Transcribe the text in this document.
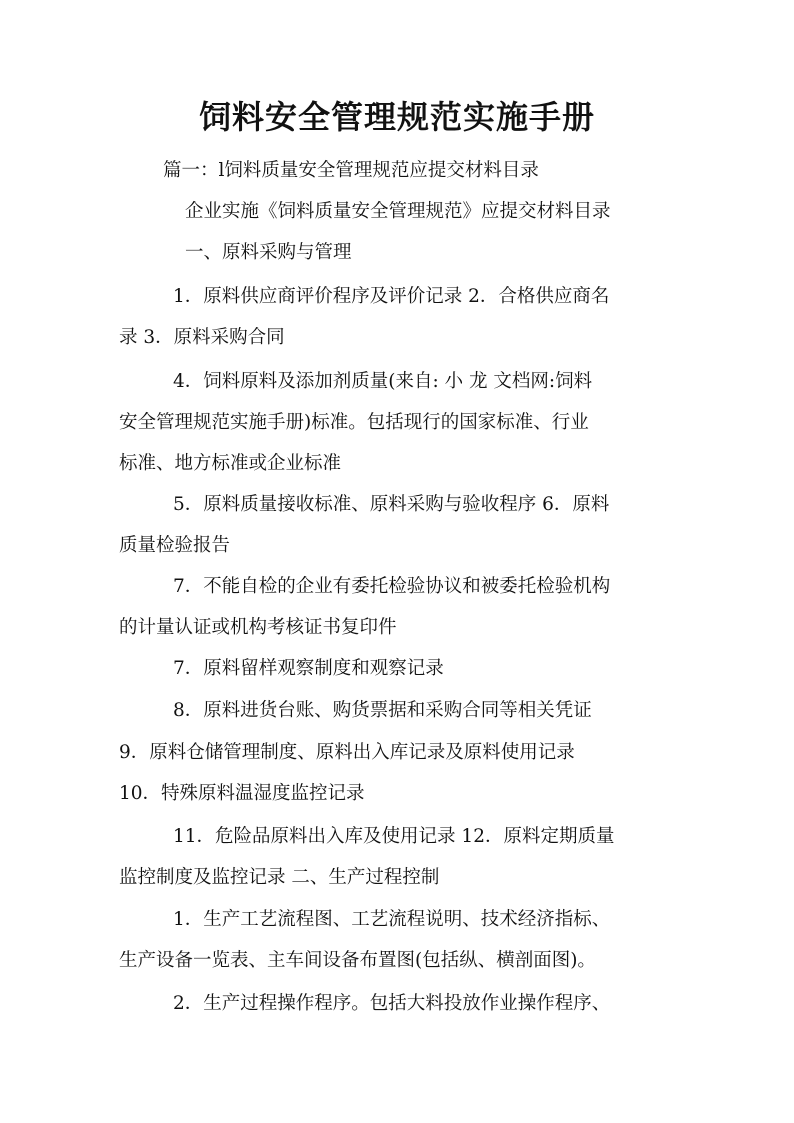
饲料安全管理规范实施手册

篇一：l饲料质量安全管理规范应提交材料目录

企业实施《饲料质量安全管理规范》应提交材料目录

一、原料采购与管理

1．原料供应商评价程序及评价记录 2．合格供应商名

录 3．原料采购合同

4．饲料原料及添加剂质量(来自: 小 龙 文档网:饲料

安全管理规范实施手册)标准。包括现行的国家标准、行业

标准、地方标准或企业标准

5．原料质量接收标准、原料采购与验收程序 6．原料

质量检验报告

7．不能自检的企业有委托检验协议和被委托检验机构

的计量认证或机构考核证书复印件

7．原料留样观察制度和观察记录

8．原料进货台账、购货票据和采购合同等相关凭证

9．原料仓储管理制度、原料出入库记录及原料使用记录

10．特殊原料温湿度监控记录

11．危险品原料出入库及使用记录 12．原料定期质量

监控制度及监控记录 二、生产过程控制

1．生产工艺流程图、工艺流程说明、技术经济指标、

生产设备一览表、主车间设备布置图(包括纵、横剖面图)。

2．生产过程操作程序。包括大料投放作业操作程序、
